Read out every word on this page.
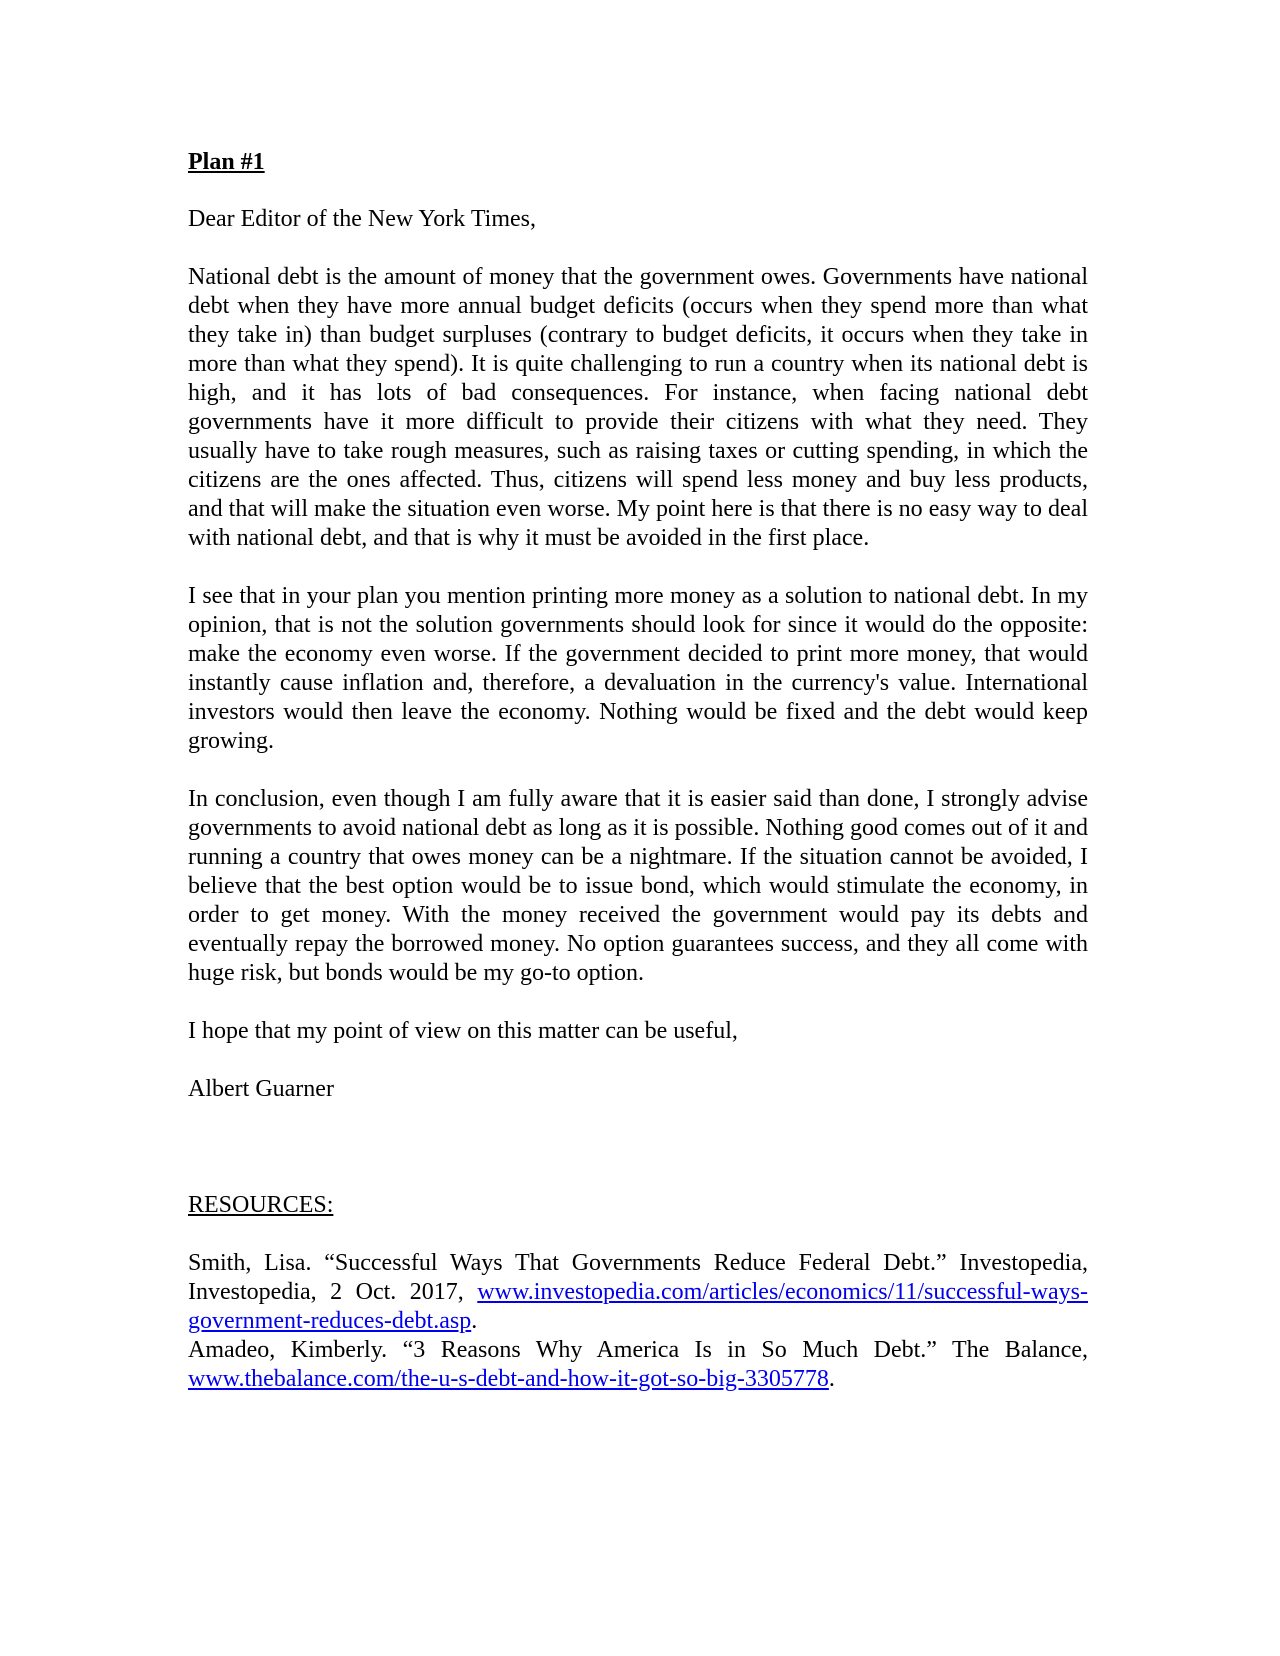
Plan #1

Dear Editor of the New York Times,

National debt is the amount of money that the government owes. Governments have national debt when they have more annual budget deficits (occurs when they spend more than what they take in) than budget surpluses (contrary to budget deficits, it occurs when they take in more than what they spend). It is quite challenging to run a country when its national debt is high, and it has lots of bad consequences. For instance, when facing national debt governments have it more difficult to provide their citizens with what they need. They usually have to take rough measures, such as raising taxes or cutting spending, in which the citizens are the ones affected. Thus, citizens will spend less money and buy less products, and that will make the situation even worse. My point here is that there is no easy way to deal with national debt, and that is why it must be avoided in the first place.

I see that in your plan you mention printing more money as a solution to national debt. In my opinion, that is not the solution governments should look for since it would do the opposite: make the economy even worse. If the government decided to print more money, that would instantly cause inflation and, therefore, a devaluation in the currency's value. International investors would then leave the economy. Nothing would be fixed and the debt would keep growing.

In conclusion, even though I am fully aware that it is easier said than done, I strongly advise governments to avoid national debt as long as it is possible. Nothing good comes out of it and running a country that owes money can be a nightmare. If the situation cannot be avoided, I believe that the best option would be to issue bond, which would stimulate the economy, in order to get money. With the money received the government would pay its debts and eventually repay the borrowed money. No option guarantees success, and they all come with huge risk, but bonds would be my go-to option.

I hope that my point of view on this matter can be useful,

Albert Guarner

RESOURCES:

Smith, Lisa. “Successful Ways That Governments Reduce Federal Debt.” Investopedia, Investopedia, 2 Oct. 2017, www.investopedia.com/articles/economics/11/successful-ways-government-reduces-debt.asp.

Amadeo, Kimberly. “3 Reasons Why America Is in So Much Debt.” The Balance, www.thebalance.com/the-u-s-debt-and-how-it-got-so-big-3305778.
